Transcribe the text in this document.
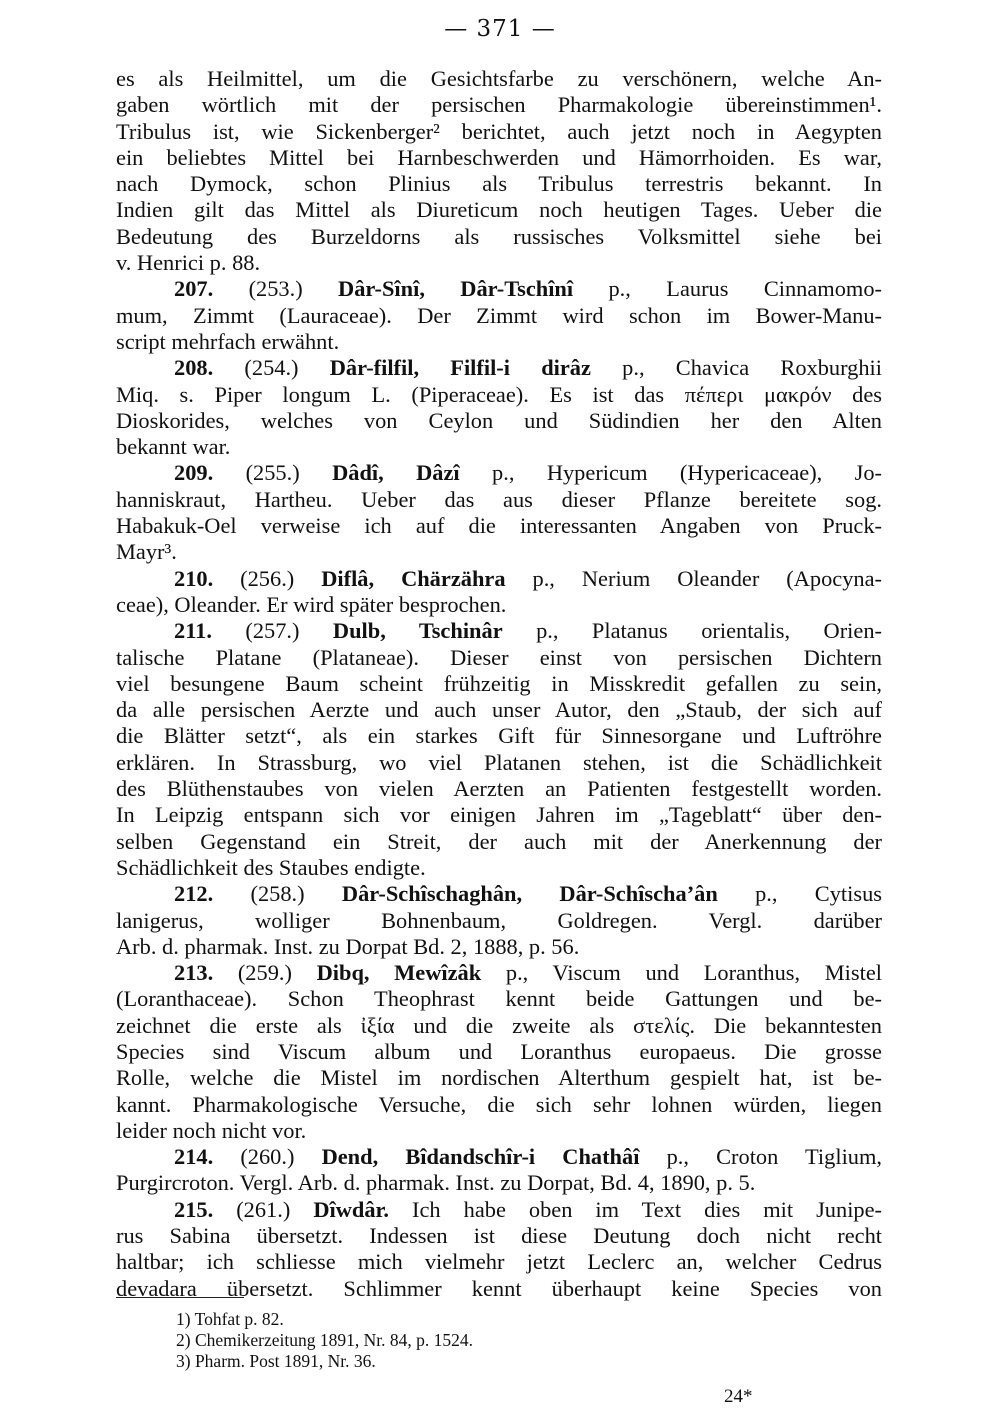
— 371 —
es als Heilmittel, um die Gesichtsfarbe zu verschönern, welche An-
gaben wörtlich mit der persischen Pharmakologie übereinstimmen¹.
Tribulus ist, wie Sickenberger² berichtet, auch jetzt noch in Aegypten
ein beliebtes Mittel bei Harnbeschwerden und Hämorrhoiden. Es war,
nach Dymock, schon Plinius als Tribulus terrestris bekannt. In
Indien gilt das Mittel als Diureticum noch heutigen Tages. Ueber die
Bedeutung des Burzeldorns als russisches Volksmittel siehe bei
v. Henrici p. 88.
207. (253.) Dâr-Sînî, Dâr-Tschînî p., Laurus Cinnamomo-
mum, Zimmt (Lauraceae). Der Zimmt wird schon im Bower-Manu-
script mehrfach erwähnt.
208. (254.) Dâr-filfil, Filfil-i dirâz p., Chavica Roxburghii
Miq. s. Piper longum L. (Piperaceae). Es ist das πέπερι μακρόν des
Dioskorides, welches von Ceylon und Südindien her den Alten
bekannt war.
209. (255.) Dâdî, Dâzî p., Hypericum (Hypericaceae), Jo-
hanniskraut, Hartheu. Ueber das aus dieser Pflanze bereitete sog.
Habakuk-Oel verweise ich auf die interessanten Angaben von Pruck-
Mayr³.
210. (256.) Diflâ, Chärzährа p., Nerium Oleander (Apocyna-
ceae), Oleander. Er wird später besprochen.
211. (257.) Dulb, Tschinâr p., Platanus orientalis, Orien-
talische Platane (Platanеae). Dieser einst von persischen Dichtern
viel besungene Baum scheint frühzeitig in Misskredit gefallen zu sein,
da alle persischen Aerzte und auch unser Autor, den „Staub, der sich auf
die Blätter setzt“, als ein starkes Gift für Sinnesorgane und Luftröhre
erklären. In Strassburg, wo viel Platanen stehen, ist die Schädlichkeit
des Blüthenstaubes von vielen Aerzten an Patienten festgestellt worden.
In Leipzig entspann sich vor einigen Jahren im „Tageblatt“ über den-
selben Gegenstand ein Streit, der auch mit der Anerkennung der
Schädlichkeit des Staubes endigte.
212. (258.) Dâr-Schîschaghân, Dâr-Schîscha’ân p., Cytisus
lanigerus, wolliger Bohnenbaum, Goldregen. Vergl. darüber
Arb. d. pharmak. Inst. zu Dorpat Bd. 2, 1888, p. 56.
213. (259.) Dibq, Mewîzâk p., Viscum und Loranthus, Mistel
(Loranthaceae). Schon Theophrast kennt beide Gattungen und be-
zeichnet die erste als ἰξία und die zweite als στελίς. Die bekanntesten
Species sind Viscum album und Loranthus europaeus. Die grosse
Rolle, welche die Mistel im nordischen Alterthum gespielt hat, ist be-
kannt. Pharmakologische Versuche, die sich sehr lohnen würden, liegen
leider noch nicht vor.
214. (260.) Dend, Bîdandschîr-i Chathâî p., Croton Tiglium,
Purgircroton. Vergl. Arb. d. pharmak. Inst. zu Dorpat, Bd. 4, 1890, p. 5.
215. (261.) Dîwdâr. Ich habe oben im Text dies mit Junipe-
rus Sabina übersetzt. Indessen ist diese Deutung doch nicht recht
haltbar; ich schliesse mich vielmehr jetzt Leclerc an, welcher Cedrus
devadara übersetzt. Schlimmer kennt überhaupt keine Species von
1) Tohfat p. 82.
2) Chemikerzeitung 1891, Nr. 84, p. 1524.
3) Pharm. Post 1891, Nr. 36.
24*
